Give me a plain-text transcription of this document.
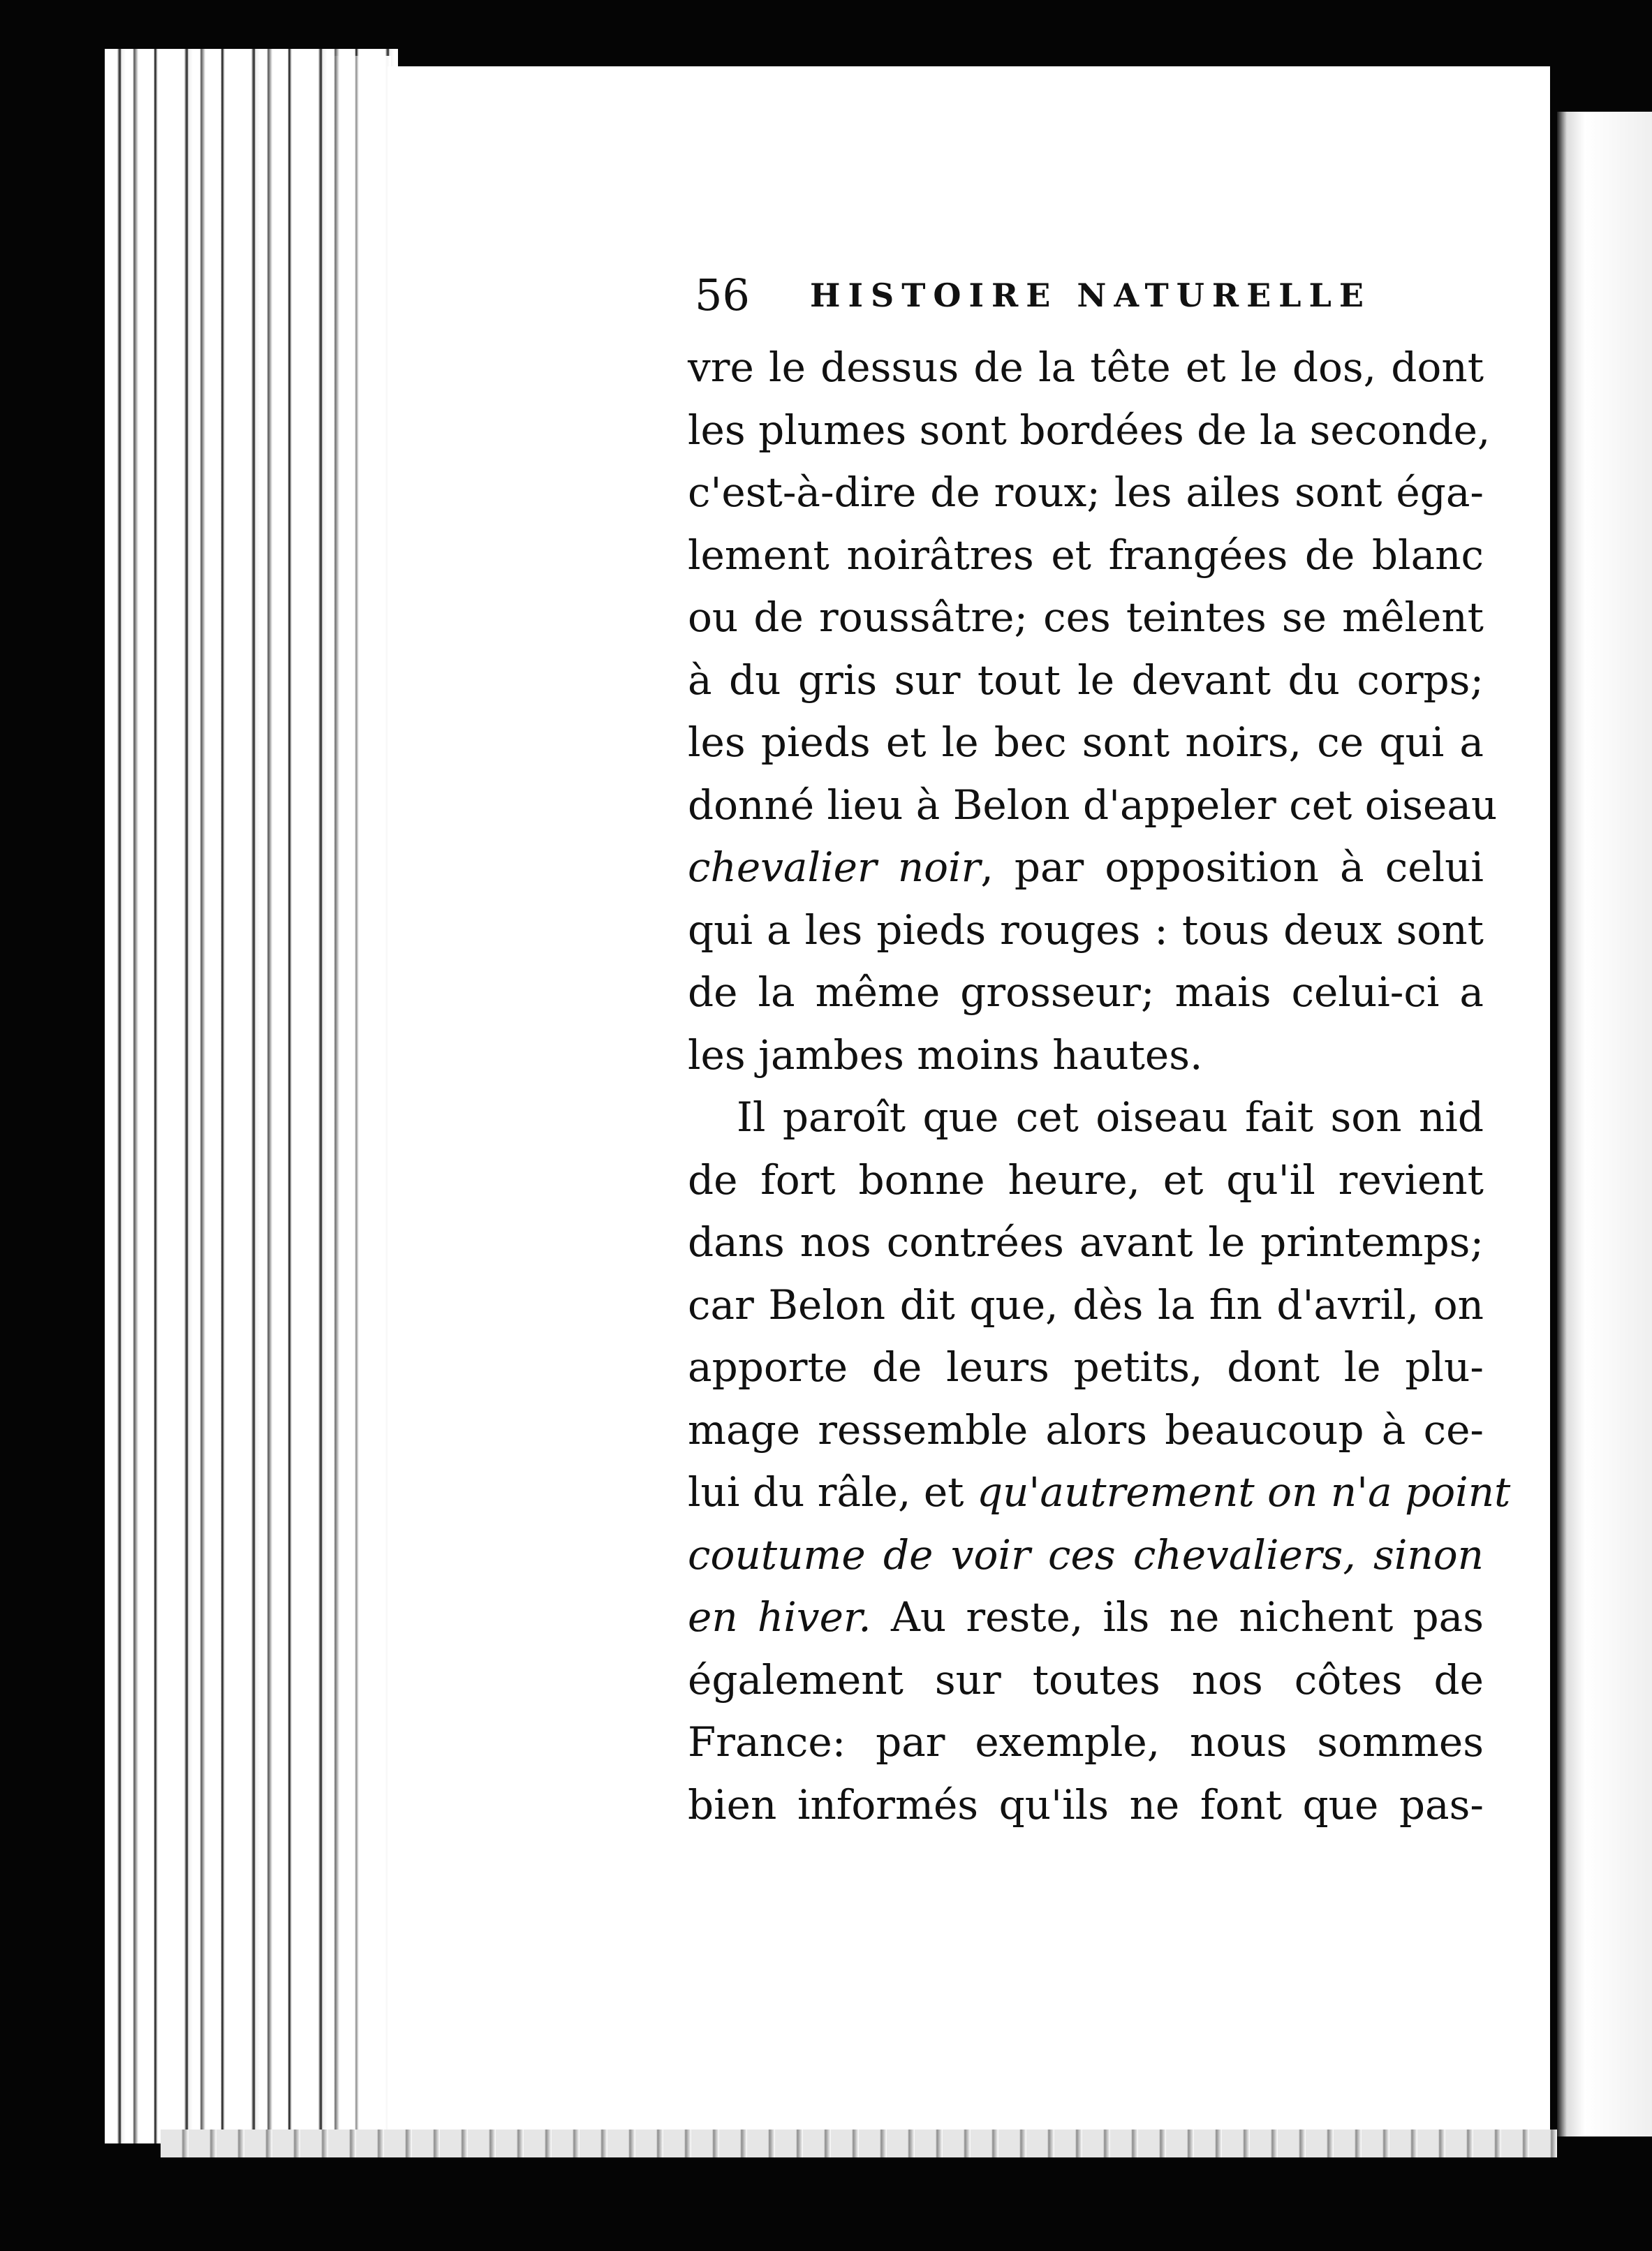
56 HISTOIRE NATURELLE
vre le dessus de la tête et le dos, dont
les plumes sont bordées de la seconde,
c'est-à-dire de roux; les ailes sont éga-
lement noirâtres et frangées de blanc
ou de roussâtre; ces teintes se mêlent
à du gris sur tout le devant du corps;
les pieds et le bec sont noirs, ce qui a
donné lieu à Belon d'appeler cet oiseau
chevalier noir, par opposition à celui
qui a les pieds rouges : tous deux sont
de la même grosseur; mais celui-ci a
les jambes moins hautes.
Il paroît que cet oiseau fait son nid
de fort bonne heure, et qu'il revient
dans nos contrées avant le printemps;
car Belon dit que, dès la fin d'avril, on
apporte de leurs petits, dont le plu-
mage ressemble alors beaucoup à ce-
lui du râle, et qu'autrement on n'a point
coutume de voir ces chevaliers, sinon
en hiver. Au reste, ils ne nichent pas
également sur toutes nos côtes de
France: par exemple, nous sommes
bien informés qu'ils ne font que pas-
